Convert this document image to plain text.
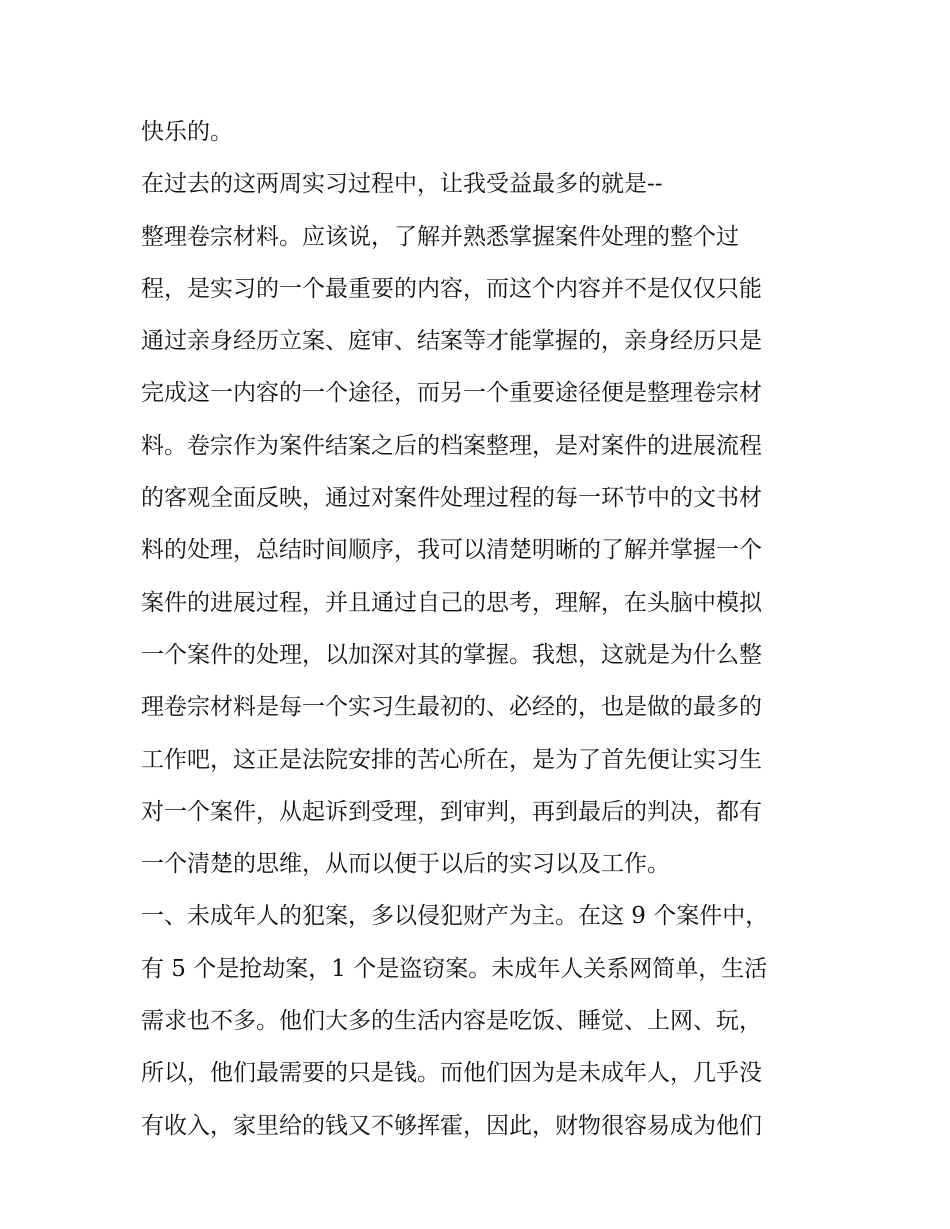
快乐的。
在过去的这两周实习过程中，让我受益最多的就是--
整理卷宗材料。应该说，了解并熟悉掌握案件处理的整个过
程，是实习的一个最重要的内容，而这个内容并不是仅仅只能
通过亲身经历立案、庭审、结案等才能掌握的，亲身经历只是
完成这一内容的一个途径，而另一个重要途径便是整理卷宗材
料。卷宗作为案件结案之后的档案整理，是对案件的进展流程
的客观全面反映，通过对案件处理过程的每一环节中的文书材
料的处理，总结时间顺序，我可以清楚明晰的了解并掌握一个
案件的进展过程，并且通过自己的思考，理解，在头脑中模拟
一个案件的处理，以加深对其的掌握。我想，这就是为什么整
理卷宗材料是每一个实习生最初的、必经的，也是做的最多的
工作吧，这正是法院安排的苦心所在，是为了首先便让实习生
对一个案件，从起诉到受理，到审判，再到最后的判决，都有
一个清楚的思维，从而以便于以后的实习以及工作。
一、未成年人的犯案，多以侵犯财产为主。在这 9 个案件中，
有 5 个是抢劫案，1 个是盗窃案。未成年人关系网简单，生活
需求也不多。他们大多的生活内容是吃饭、睡觉、上网、玩，
所以，他们最需要的只是钱。而他们因为是未成年人，几乎没
有收入，家里给的钱又不够挥霍，因此，财物很容易成为他们
